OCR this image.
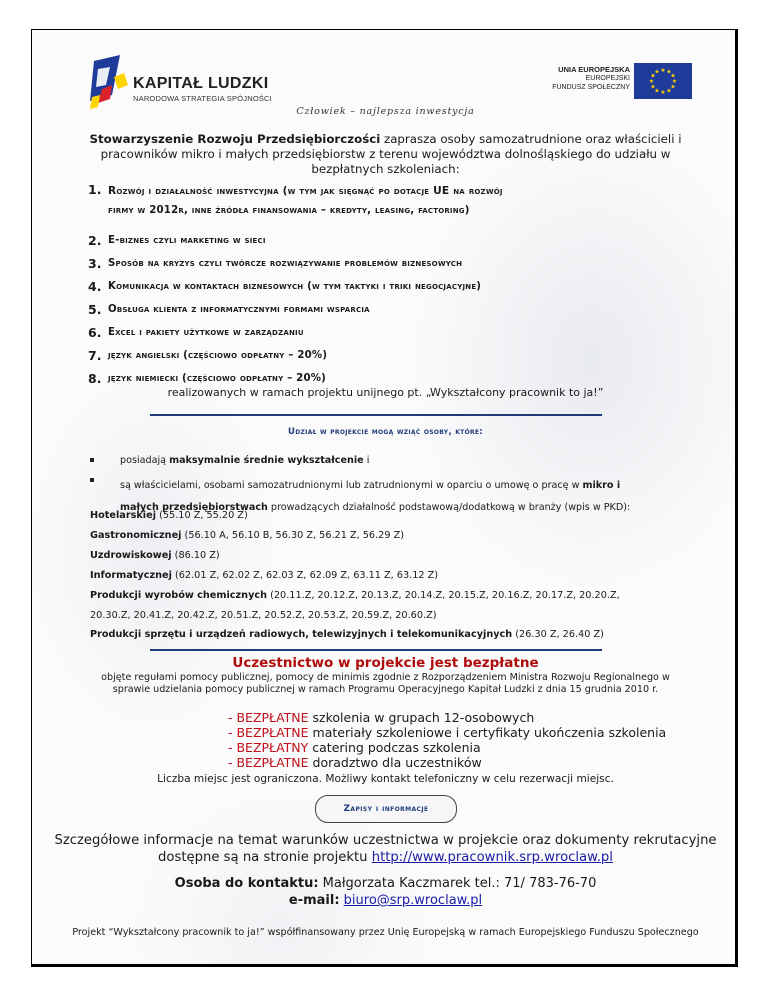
KAPITAŁ LUDZKI
NARODOWA STRATEGIA SPÓJNOŚCI
UNIA EUROPEJSKA
EUROPEJSKI
FUNDUSZ SPOŁECZNY
★ ★
★
★
★
★
★
★
★
★
★
★
Człowiek – najlepsza inwestycja
Stowarzyszenie Rozwoju Przedsiębiorczości zaprasza osoby samozatrudnione oraz właścicieli i pracowników mikro i małych przedsiębiorstw z terenu województwa dolnośląskiego do udziału w bezpłatnych szkoleniach:
1. Rozwój i działalność inwestycyjna (w tym jak sięgnąć po dotacje UE na rozwój
firmy w 2012r, inne źródła finansowania – kredyty, leasing, factoring)
2. E-biznes czyli marketing w sieci
3. Sposób na kryzys czyli twórcze rozwiązywanie problemów biznesowych
4. Komunikacja w kontaktach biznesowych (w tym taktyki i triki negocjacyjne)
5. Obsługa klienta z informatycznymi formami wsparcia
6. Excel i pakiety użytkowe w zarządzaniu
7. język angielski (częściowo odpłatny – 20%)
8. język niemiecki (częściowo odpłatny – 20%)
realizowanych w ramach projektu unijnego pt. „Wykształcony pracownik to ja!”
Udział w projekcie mogą wziąć osoby, które:
posiadają maksymalnie średnie wykształcenie i
są właścicielami, osobami samozatrudnionymi lub zatrudnionymi w oparciu o umowę o pracę w mikro i
małych przedsiębiorstwach prowadzących działalność podstawową/dodatkową w branży (wpis w PKD):
Hotelarskiej (55.10 Z, 55.20 Z)
Gastronomicznej (56.10 A, 56.10 B, 56.30 Z, 56.21 Z, 56.29 Z)
Uzdrowiskowej (86.10 Z)
Informatycznej (62.01 Z, 62.02 Z, 62.03 Z, 62.09 Z, 63.11 Z, 63.12 Z)
Produkcji wyrobów chemicznych (20.11.Z, 20.12.Z, 20.13.Z, 20.14.Z, 20.15.Z, 20.16.Z, 20.17.Z, 20.20.Z,
20.30.Z, 20.41.Z, 20.42.Z, 20.51.Z, 20.52.Z, 20.53.Z, 20.59.Z, 20.60.Z)
Produkcji sprzętu i urządzeń radiowych, telewizyjnych i telekomunikacyjnych (26.30 Z, 26.40 Z)
Uczestnictwo w projekcie jest bezpłatne
objęte regułami pomocy publicznej, pomocy de minimis zgodnie z Rozporządzeniem Ministra Rozwoju Regionalnego w sprawie udzielania pomocy publicznej w ramach Programu Operacyjnego Kapitał Ludzki z dnia 15 grudnia 2010 r.
- BEZPŁATNE szkolenia w grupach 12-osobowych
- BEZPŁATNE materiały szkoleniowe i certyfikaty ukończenia szkolenia
- BEZPŁATNY catering podczas szkolenia
- BEZPŁATNE doradztwo dla uczestników
Liczba miejsc jest ograniczona. Możliwy kontakt telefoniczny w celu rezerwacji miejsc.
Zapisy i informacje
Szczegółowe informacje na temat warunków uczestnictwa w projekcie oraz dokumenty rekrutacyjne dostępne są na stronie projektu http://www.pracownik.srp.wroclaw.pl
Osoba do kontaktu: Małgorzata Kaczmarek tel.: 71/ 783-76-70
e-mail: biuro@srp.wroclaw.pl
Projekt “Wykształcony pracownik to ja!” współfinansowany przez Unię Europejską w ramach Europejskiego Funduszu Społecznego
